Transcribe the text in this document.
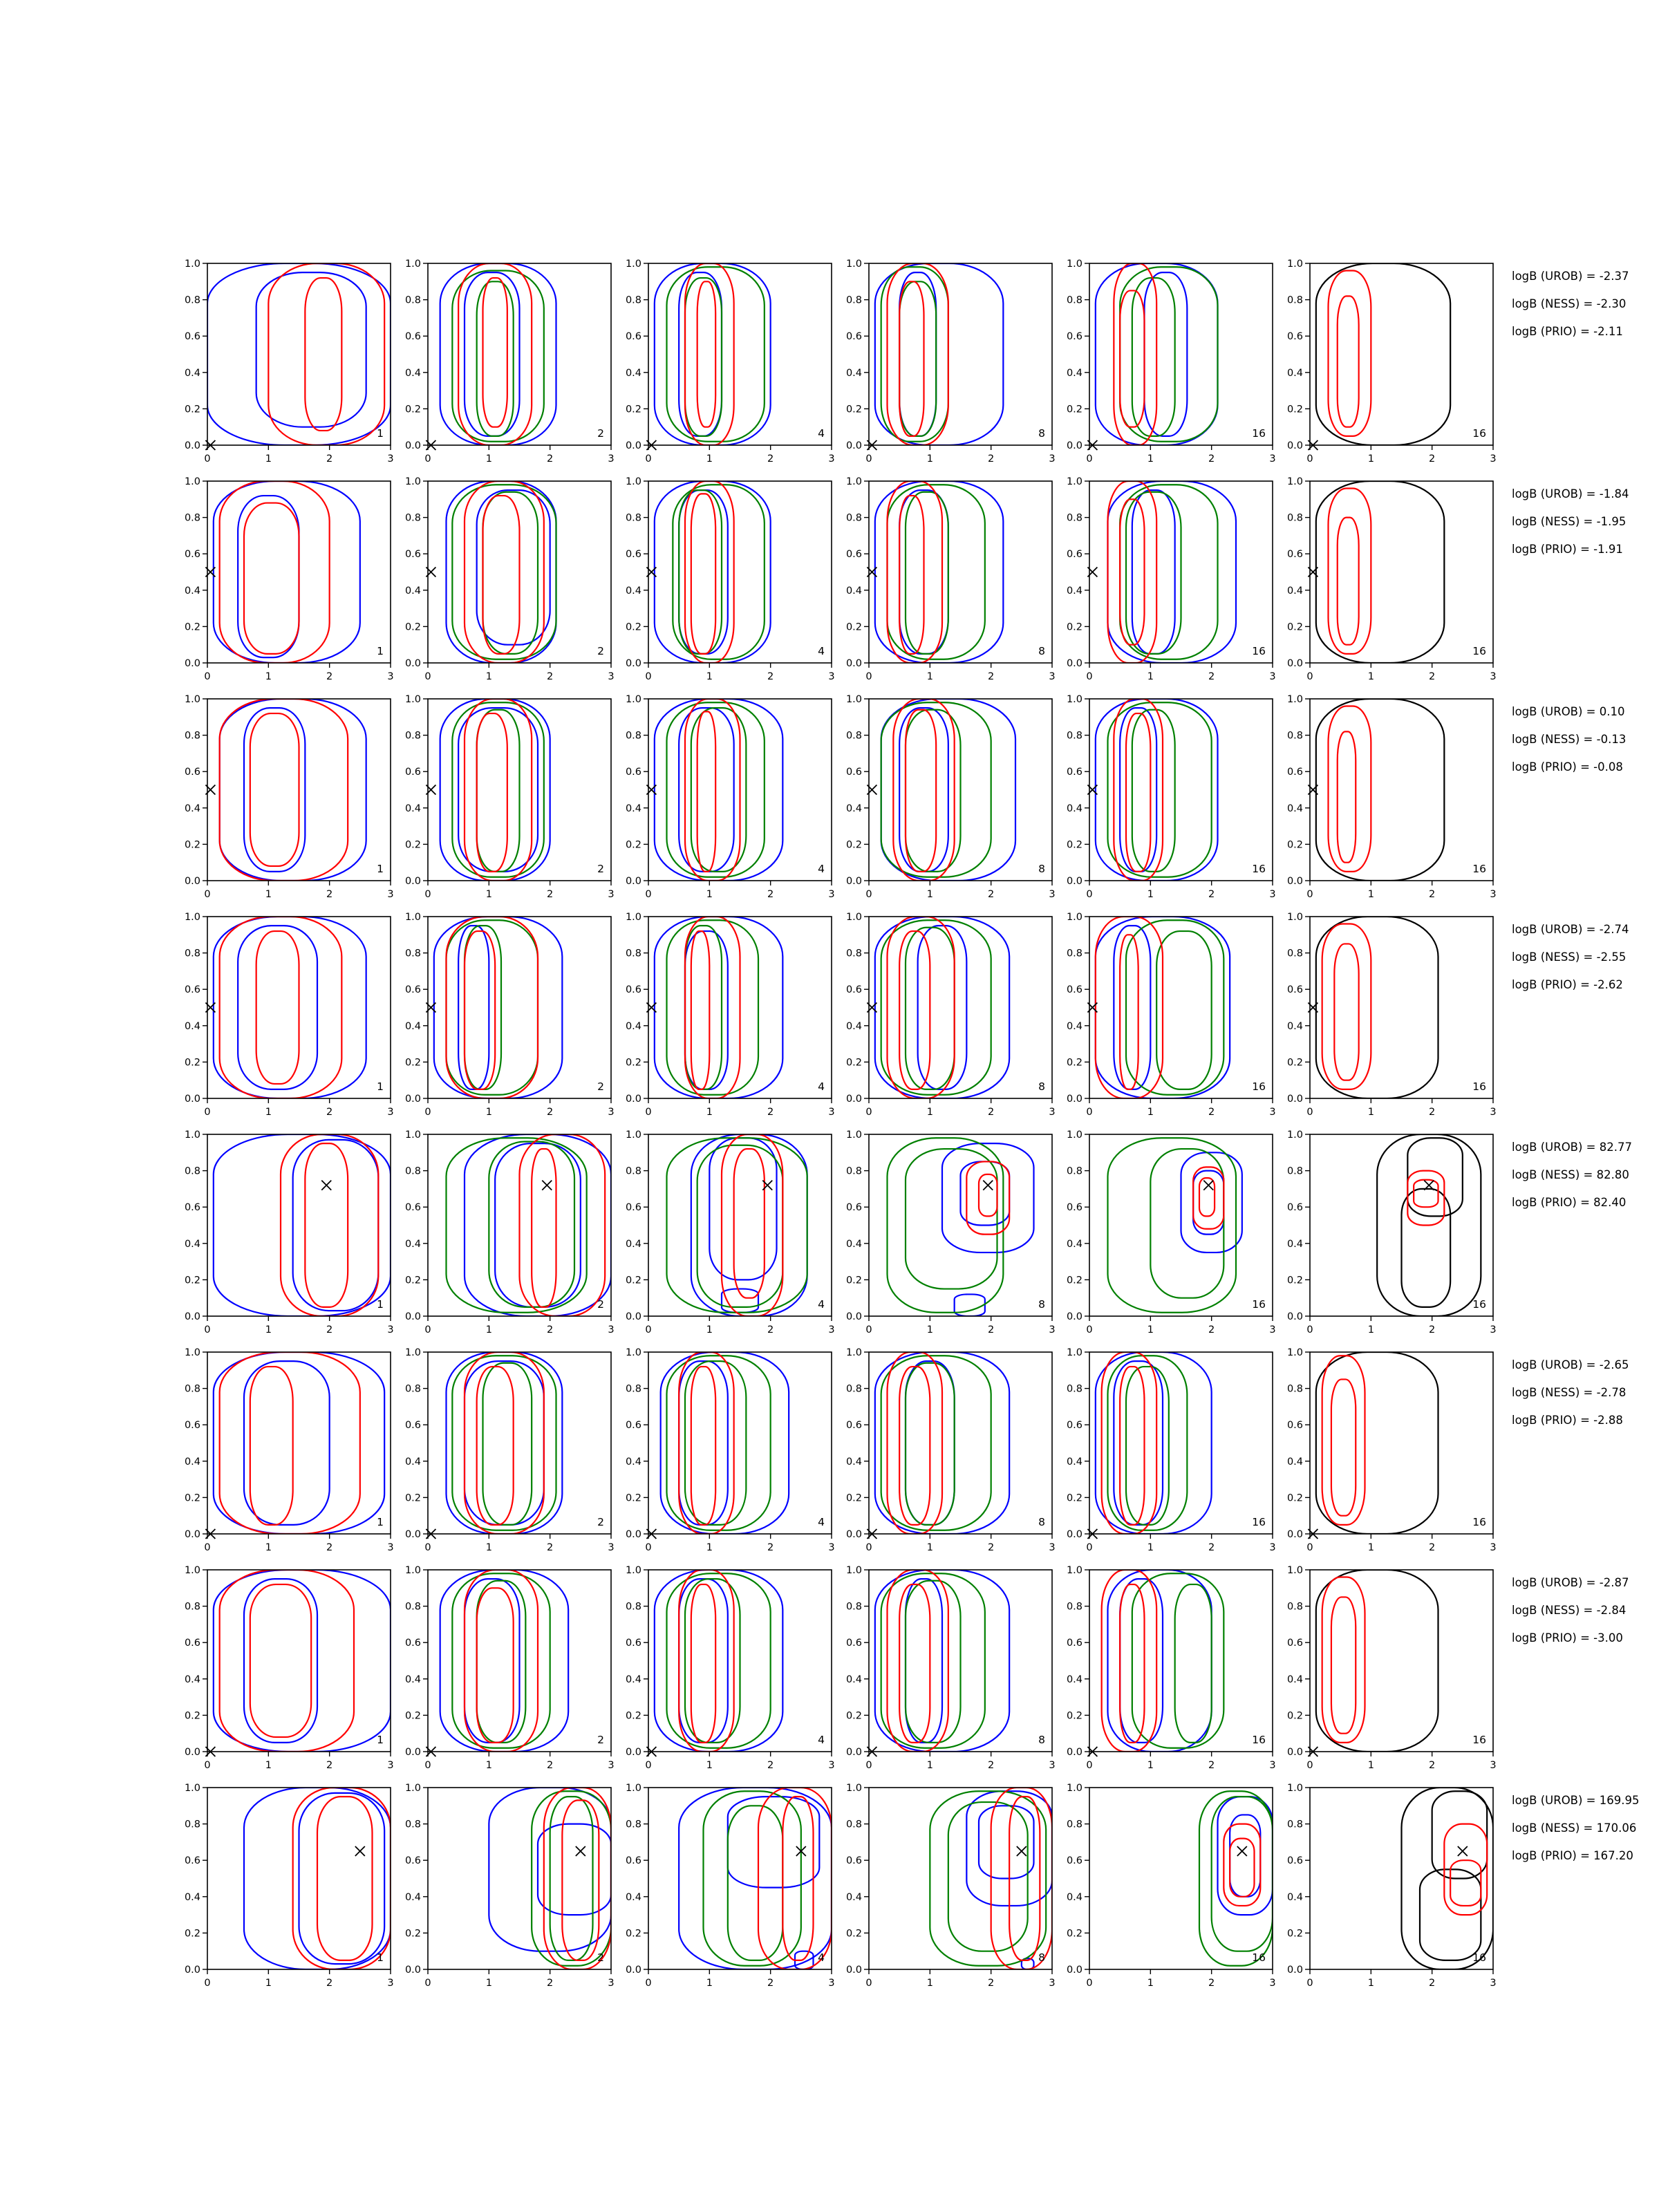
0	1	2	3
0.0
0.2
0.4
0.6
0.8
1.0
1
0	1	2	3
0.0
0.2
0.4
0.6
0.8
1.0
2
0	1	2	3
0.0
0.2
0.4
0.6
0.8
1.0
4
0	1	2	3
0.0
0.2
0.4
0.6
0.8
1.0
8
0	1	2	3
0.0
0.2
0.4
0.6
0.8
1.0
16
0	1	2	3
0.0
0.2
0.4
0.6
0.8
1.0
16
logB (UROB) = -2.37
logB (NESS) = -2.30
logB (PRIO) = -2.11
0	1	2	3
0.0
0.2
0.4
0.6
0.8
1.0
1
0	1	2	3
0.0
0.2
0.4
0.6
0.8
1.0
2
0	1	2	3
0.0
0.2
0.4
0.6
0.8
1.0
4
0	1	2	3
0.0
0.2
0.4
0.6
0.8
1.0
8
0	1	2	3
0.0
0.2
0.4
0.6
0.8
1.0
16
0	1	2	3
0.0
0.2
0.4
0.6
0.8
1.0
16
logB (UROB) = -1.84
logB (NESS) = -1.95
logB (PRIO) = -1.91
0	1	2	3
0.0
0.2
0.4
0.6
0.8
1.0
1
0	1	2	3
0.0
0.2
0.4
0.6
0.8
1.0
2
0	1	2	3
0.0
0.2
0.4
0.6
0.8
1.0
4
0	1	2	3
0.0
0.2
0.4
0.6
0.8
1.0
8
0	1	2	3
0.0
0.2
0.4
0.6
0.8
1.0
16
0	1	2	3
0.0
0.2
0.4
0.6
0.8
1.0
16
logB (UROB) = 0.10
logB (NESS) = -0.13
logB (PRIO) = -0.08
0	1	2	3
0.0
0.2
0.4
0.6
0.8
1.0
1
0	1	2	3
0.0
0.2
0.4
0.6
0.8
1.0
2
0	1	2	3
0.0
0.2
0.4
0.6
0.8
1.0
4
0	1	2	3
0.0
0.2
0.4
0.6
0.8
1.0
8
0	1	2	3
0.0
0.2
0.4
0.6
0.8
1.0
16
0	1	2	3
0.0
0.2
0.4
0.6
0.8
1.0
16
logB (UROB) = -2.74
logB (NESS) = -2.55
logB (PRIO) = -2.62
0	1	2	3
0.0
0.2
0.4
0.6
0.8
1.0
1
0	1	2	3
0.0
0.2
0.4
0.6
0.8
1.0
2
0	1	2	3
0.0
0.2
0.4
0.6
0.8
1.0
4
0	1	2	3
0.0
0.2
0.4
0.6
0.8
1.0
8
0	1	2	3
0.0
0.2
0.4
0.6
0.8
1.0
16
0	1	2	3
0.0
0.2
0.4
0.6
0.8
1.0
16
logB (UROB) = 82.77
logB (NESS) = 82.80
logB (PRIO) = 82.40
0	1	2	3
0.0
0.2
0.4
0.6
0.8
1.0
1
0	1	2	3
0.0
0.2
0.4
0.6
0.8
1.0
2
0	1	2	3
0.0
0.2
0.4
0.6
0.8
1.0
4
0	1	2	3
0.0
0.2
0.4
0.6
0.8
1.0
8
0	1	2	3
0.0
0.2
0.4
0.6
0.8
1.0
16
0	1	2	3
0.0
0.2
0.4
0.6
0.8
1.0
16
logB (UROB) = -2.65
logB (NESS) = -2.78
logB (PRIO) = -2.88
0	1	2	3
0.0
0.2
0.4
0.6
0.8
1.0
1
0	1	2	3
0.0
0.2
0.4
0.6
0.8
1.0
2
0	1	2	3
0.0
0.2
0.4
0.6
0.8
1.0
4
0	1	2	3
0.0
0.2
0.4
0.6
0.8
1.0
8
0	1	2	3
0.0
0.2
0.4
0.6
0.8
1.0
16
0	1	2	3
0.0
0.2
0.4
0.6
0.8
1.0
16
logB (UROB) = -2.87
logB (NESS) = -2.84
logB (PRIO) = -3.00
0	1	2	3
0.0
0.2
0.4
0.6
0.8
1.0
1
0	1	2	3
0.0
0.2
0.4
0.6
0.8
1.0
2
0	1	2	3
0.0
0.2
0.4
0.6
0.8
1.0
4
0	1	2	3
0.0
0.2
0.4
0.6
0.8
1.0
8
0	1	2	3
0.0
0.2
0.4
0.6
0.8
1.0
16
0	1	2	3
0.0
0.2
0.4
0.6
0.8
1.0
16
logB (UROB) = 169.95
logB (NESS) = 170.06
logB (PRIO) = 167.20
